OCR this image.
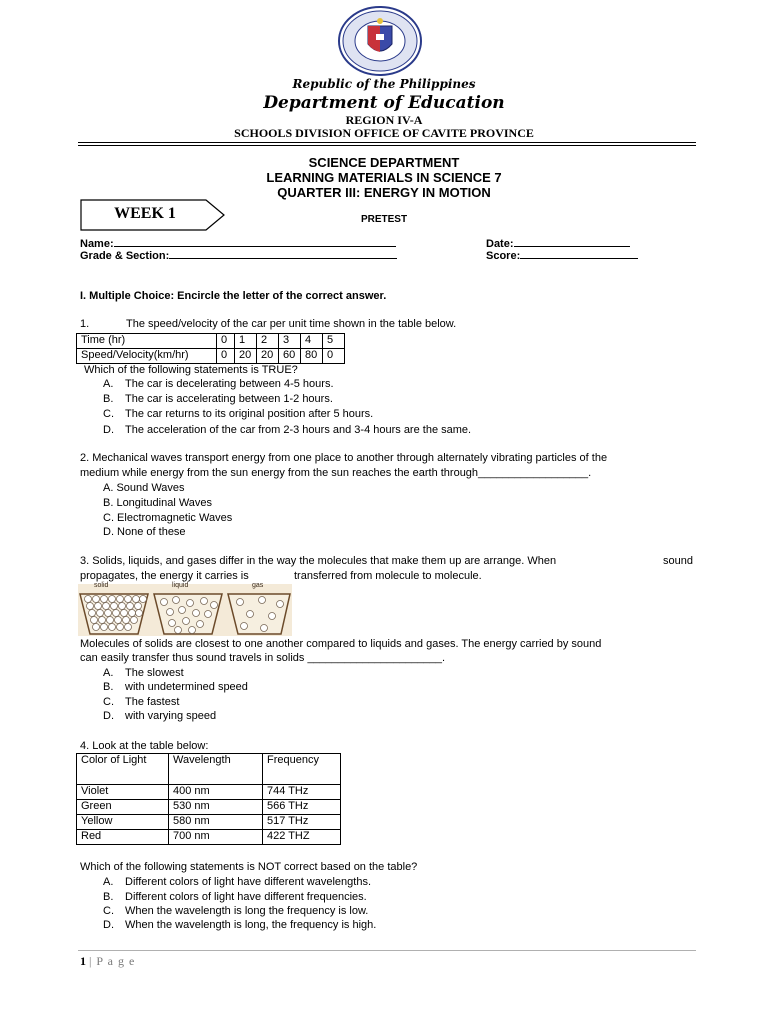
Republic of the Philippines
Department of Education
REGION IV-A
SCHOOLS DIVISION OFFICE OF CAVITE PROVINCE
SCIENCE DEPARTMENT
LEARNING MATERIALS IN SCIENCE 7
QUARTER III: ENERGY IN MOTION
WEEK 1	PRETEST
Name:
Grade & Section:
Date:
Score:
I. Multiple Choice: Encircle the letter of the correct answer.
1.	The speed/velocity of the car per unit time shown in the table below.
Time (hr)	0	1	2	3	4	5
Speed/Velocity(km/hr)	0	20	20	60	80	0
Which of the following statements is TRUE?
A. The car is decelerating between 4-5 hours.
B. The car is accelerating between 1-2 hours.
C. The car returns to its original position after 5 hours.
D. The acceleration of the car from 2-3 hours and 3-4 hours are the same.
2. Mechanical waves transport energy from one place to another through alternately vibrating particles of the
medium while energy from the sun energy from the sun reaches the earth through__________________.
A. Sound Waves
B. Longitudinal Waves
C. Electromagnetic Waves
D. None of these
3. Solids, liquids, and gases differ in the way the molecules that make them up are arrange. When	sound
propagates, the energy it carries is	transferred from molecule to molecule.
solid	liquid	gas
Molecules of solids are closest to one another compared to liquids and gases. The energy carried by sound
can easily transfer thus sound travels in solids ______________________.
A. The slowest
B. with undetermined speed
C. The fastest
D. with varying speed
4. Look at the table below:
Color of Light	Wavelength	Frequency
Violet	400 nm	744 THz
Green	530 nm	566 THz
Yellow	580 nm	517 THz
Red	700 nm	422 THZ
Which of the following statements is NOT correct based on the table?
A. Different colors of light have different wavelengths.
B. Different colors of light have different frequencies.
C. When the wavelength is long the frequency is low.
D. When the wavelength is long, the frequency is high.
1 | P a g e
